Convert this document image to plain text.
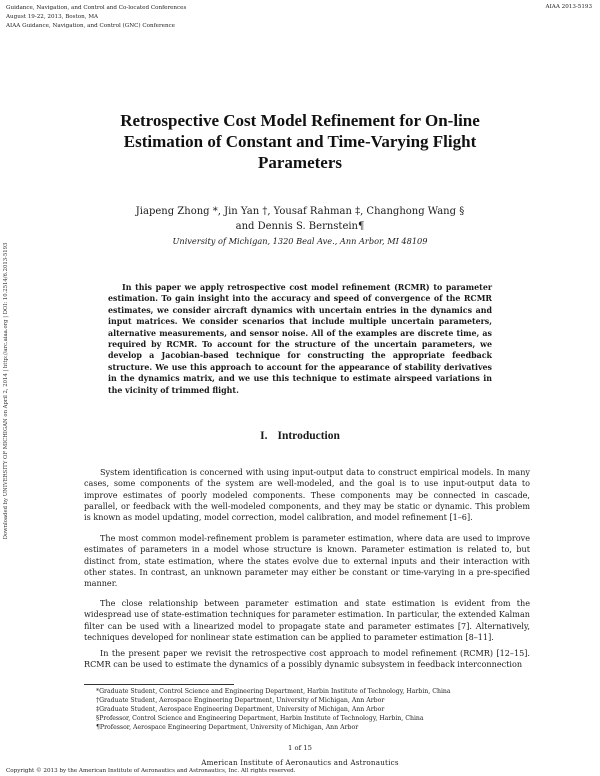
Guidance, Navigation, and Control and Co-located Conferences
August 19-22, 2013, Boston, MA
AIAA Guidance, Navigation, and Control (GNC) Conference
AIAA 2013-5193
Downloaded by UNIVERSITY OF MICHIGAN on April 2, 2014 | http://arc.aiaa.org | DOI: 10.2514/6.2013-5193
Retrospective Cost Model Refinement for On-line
Estimation of Constant and Time-Varying Flight
Parameters
Jiapeng Zhong *, Jin Yan †, Yousaf Rahman ‡, Changhong Wang §
and Dennis S. Bernstein¶
University of Michigan, 1320 Beal Ave., Ann Arbor, MI 48109
In this paper we apply retrospective cost model refinement (RCMR) to parameter estimation. To gain insight into the accuracy and speed of convergence of the RCMR estimates, we consider aircraft dynamics with uncertain entries in the dynamics and input matrices. We consider scenarios that include multiple uncertain parameters, alternative measurements, and sensor noise. All of the examples are discrete time, as required by RCMR. To account for the structure of the uncertain parameters, we develop a Jacobian-based technique for constructing the appropriate feedback structure. We use this approach to account for the appearance of stability derivatives in the dynamics matrix, and we use this technique to estimate airspeed variations in the vicinity of trimmed flight.
I. Introduction

System identification is concerned with using input-output data to construct empirical models. In many cases, some components of the system are well-modeled, and the goal is to use input-output data to improve estimates of poorly modeled components. These components may be connected in cascade, parallel, or feedback with the well-modeled components, and they may be static or dynamic. This problem is known as model updating, model correction, model calibration, and model refinement [1–6].

The most common model-refinement problem is parameter estimation, where data are used to improve estimates of parameters in a model whose structure is known. Parameter estimation is related to, but distinct from, state estimation, where the states evolve due to external inputs and their interaction with other states. In contrast, an unknown parameter may either be constant or time-varying in a pre-specified manner.

The close relationship between parameter estimation and state estimation is evident from the widespread use of state-estimation techniques for parameter estimation. In particular, the extended Kalman filter can be used with a linearized model to propagate state and parameter estimates [7]. Alternatively, techniques developed for nonlinear state estimation can be applied to parameter estimation [8–11].

In the present paper we revisit the retrospective cost approach to model refinement (RCMR) [12–15]. RCMR can be used to estimate the dynamics of a possibly dynamic subsystem in feedback interconnection

*Graduate Student, Control Science and Engineering Department, Harbin Institute of Technology, Harbin, China
†Graduate Student, Aerospace Engineering Department, University of Michigan, Ann Arbor
‡Graduate Student, Aerospace Engineering Department, University of Michigan, Ann Arbor
§Professor, Control Science and Engineering Department, Harbin Institute of Technology, Harbin, China
¶Professor, Aerospace Engineering Department, University of Michigan, Ann Arbor
1 of 15
American Institute of Aeronautics and Astronautics
Copyright © 2013 by the American Institute of Aeronautics and Astronautics, Inc. All rights reserved.
